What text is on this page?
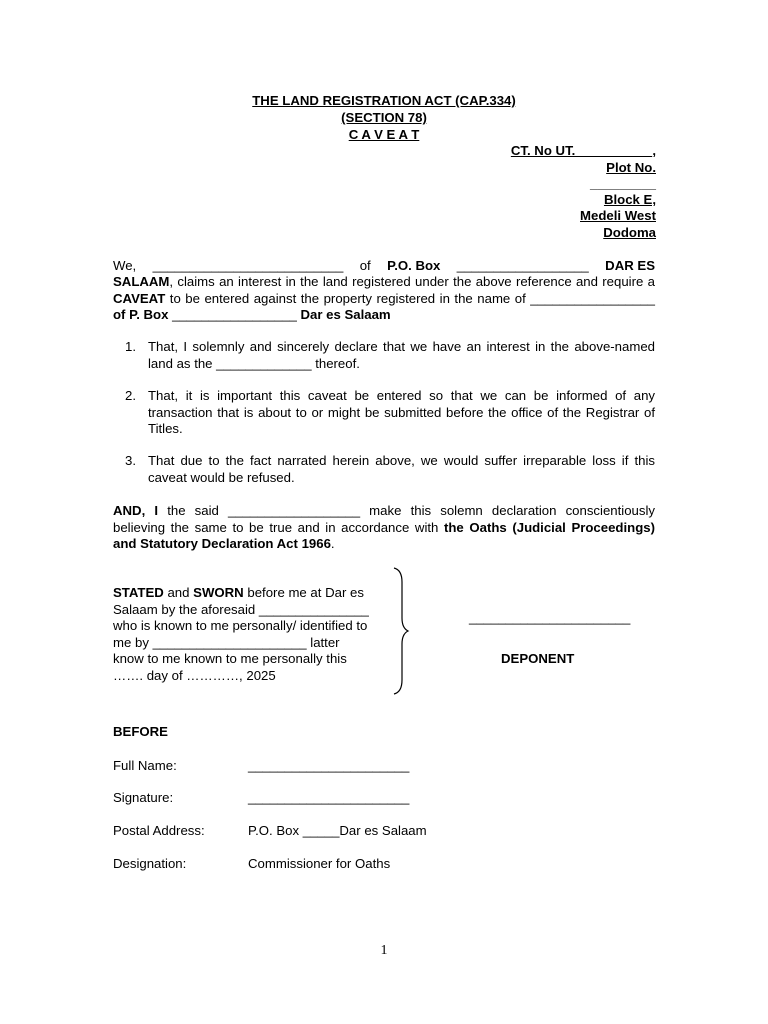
THE LAND REGISTRATION ACT (CAP.334)
(SECTION 78)
C A V E A T
CT. No UT. __________,
Plot No.
_________
Block E,
Medeli West
Dodoma
We, __________________________ of P.O. Box __________________ DAR ES
SALAAM, claims an interest in the land registered under the above reference and require a CAVEAT to be entered against the property registered in the name of _________________ of P. Box _________________ Dar es Salaam
1. That, I solemnly and sincerely declare that we have an interest in the above-named land as the _____________ thereof.
2. That, it is important this caveat be entered so that we can be informed of any transaction that is about to or might be submitted before the office of the Registrar of Titles.
3. That due to the fact narrated herein above, we would suffer irreparable loss if this caveat would be refused.
AND, I the said __________________ make this solemn declaration conscientiously believing the same to be true and in accordance with the Oaths (Judicial Proceedings) and Statutory Declaration Act 1966.
STATED and SWORN before me at Dar es
Salaam by the aforesaid _______________
who is known to me personally/ identified to
me by _____________________ latter
know to me known to me personally this
……. day of …………, 2025
______________________
DEPONENT
BEFORE
Full Name:	______________________
Signature:	______________________
Postal Address:	P.O. Box _____Dar es Salaam
Designation:	Commissioner for Oaths
1
